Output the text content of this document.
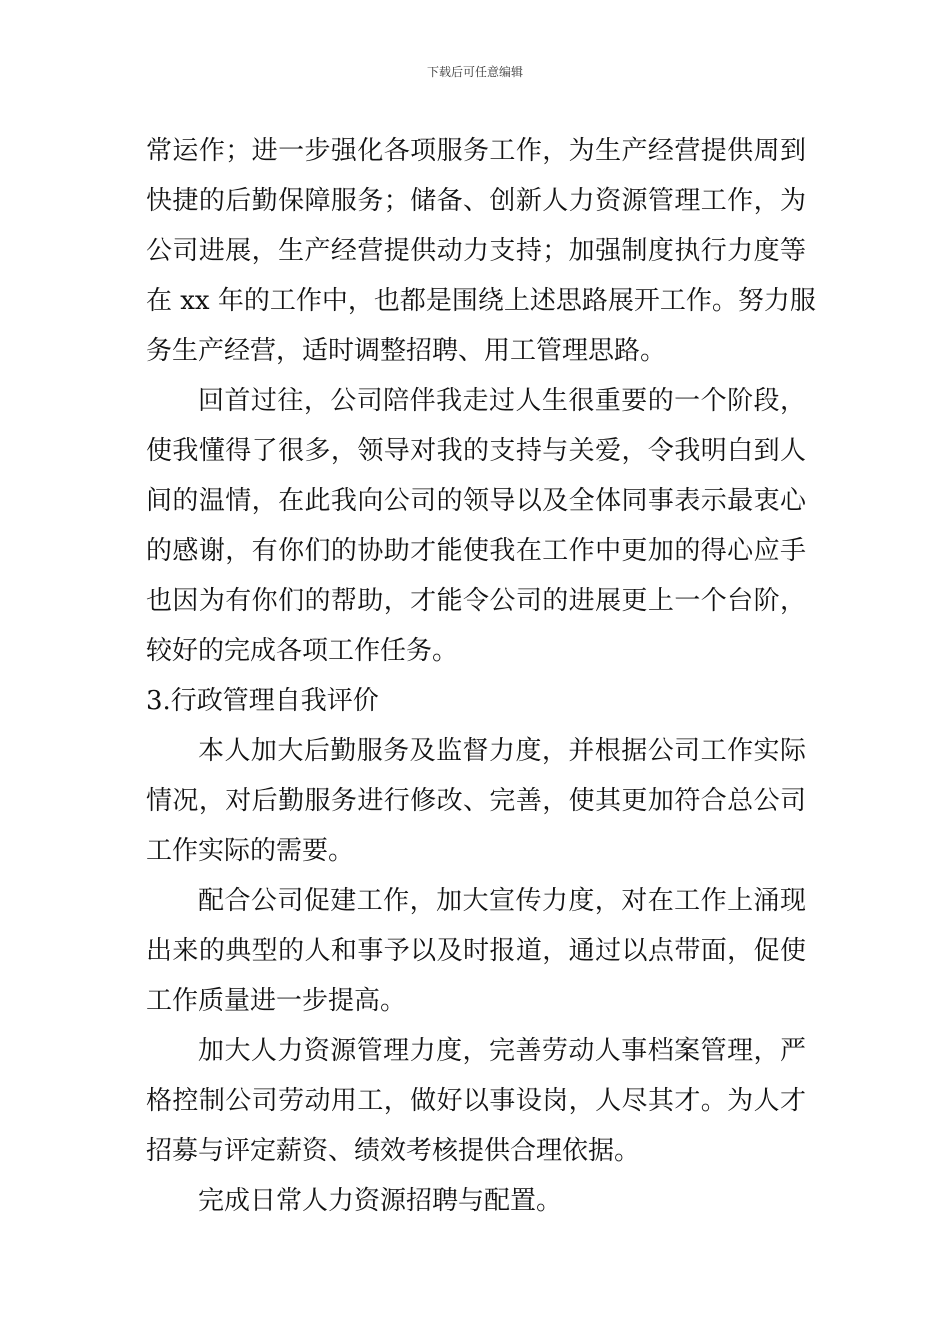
下载后可任意编辑
常运作；进一步强化各项服务工作，为生产经营提供周到
快捷的后勤保障服务；储备、创新人力资源管理工作，为
公司进展，生产经营提供动力支持；加强制度执行力度等
在 xx 年的工作中，也都是围绕上述思路展开工作。努力服
务生产经营，适时调整招聘、用工管理思路。
回首过往，公司陪伴我走过人生很重要的一个阶段，
使我懂得了很多，领导对我的支持与关爱，令我明白到人
间的温情，在此我向公司的领导以及全体同事表示最衷心
的感谢，有你们的协助才能使我在工作中更加的得心应手
也因为有你们的帮助，才能令公司的进展更上一个台阶，
较好的完成各项工作任务。
3.行政管理自我评价
本人加大后勤服务及监督力度，并根据公司工作实际
情况，对后勤服务进行修改、完善，使其更加符合总公司
工作实际的需要。
配合公司促建工作，加大宣传力度，对在工作上涌现
出来的典型的人和事予以及时报道，通过以点带面，促使
工作质量进一步提高。
加大人力资源管理力度，完善劳动人事档案管理，严
格控制公司劳动用工，做好以事设岗，人尽其才。为人才
招募与评定薪资、绩效考核提供合理依据。
完成日常人力资源招聘与配置。
